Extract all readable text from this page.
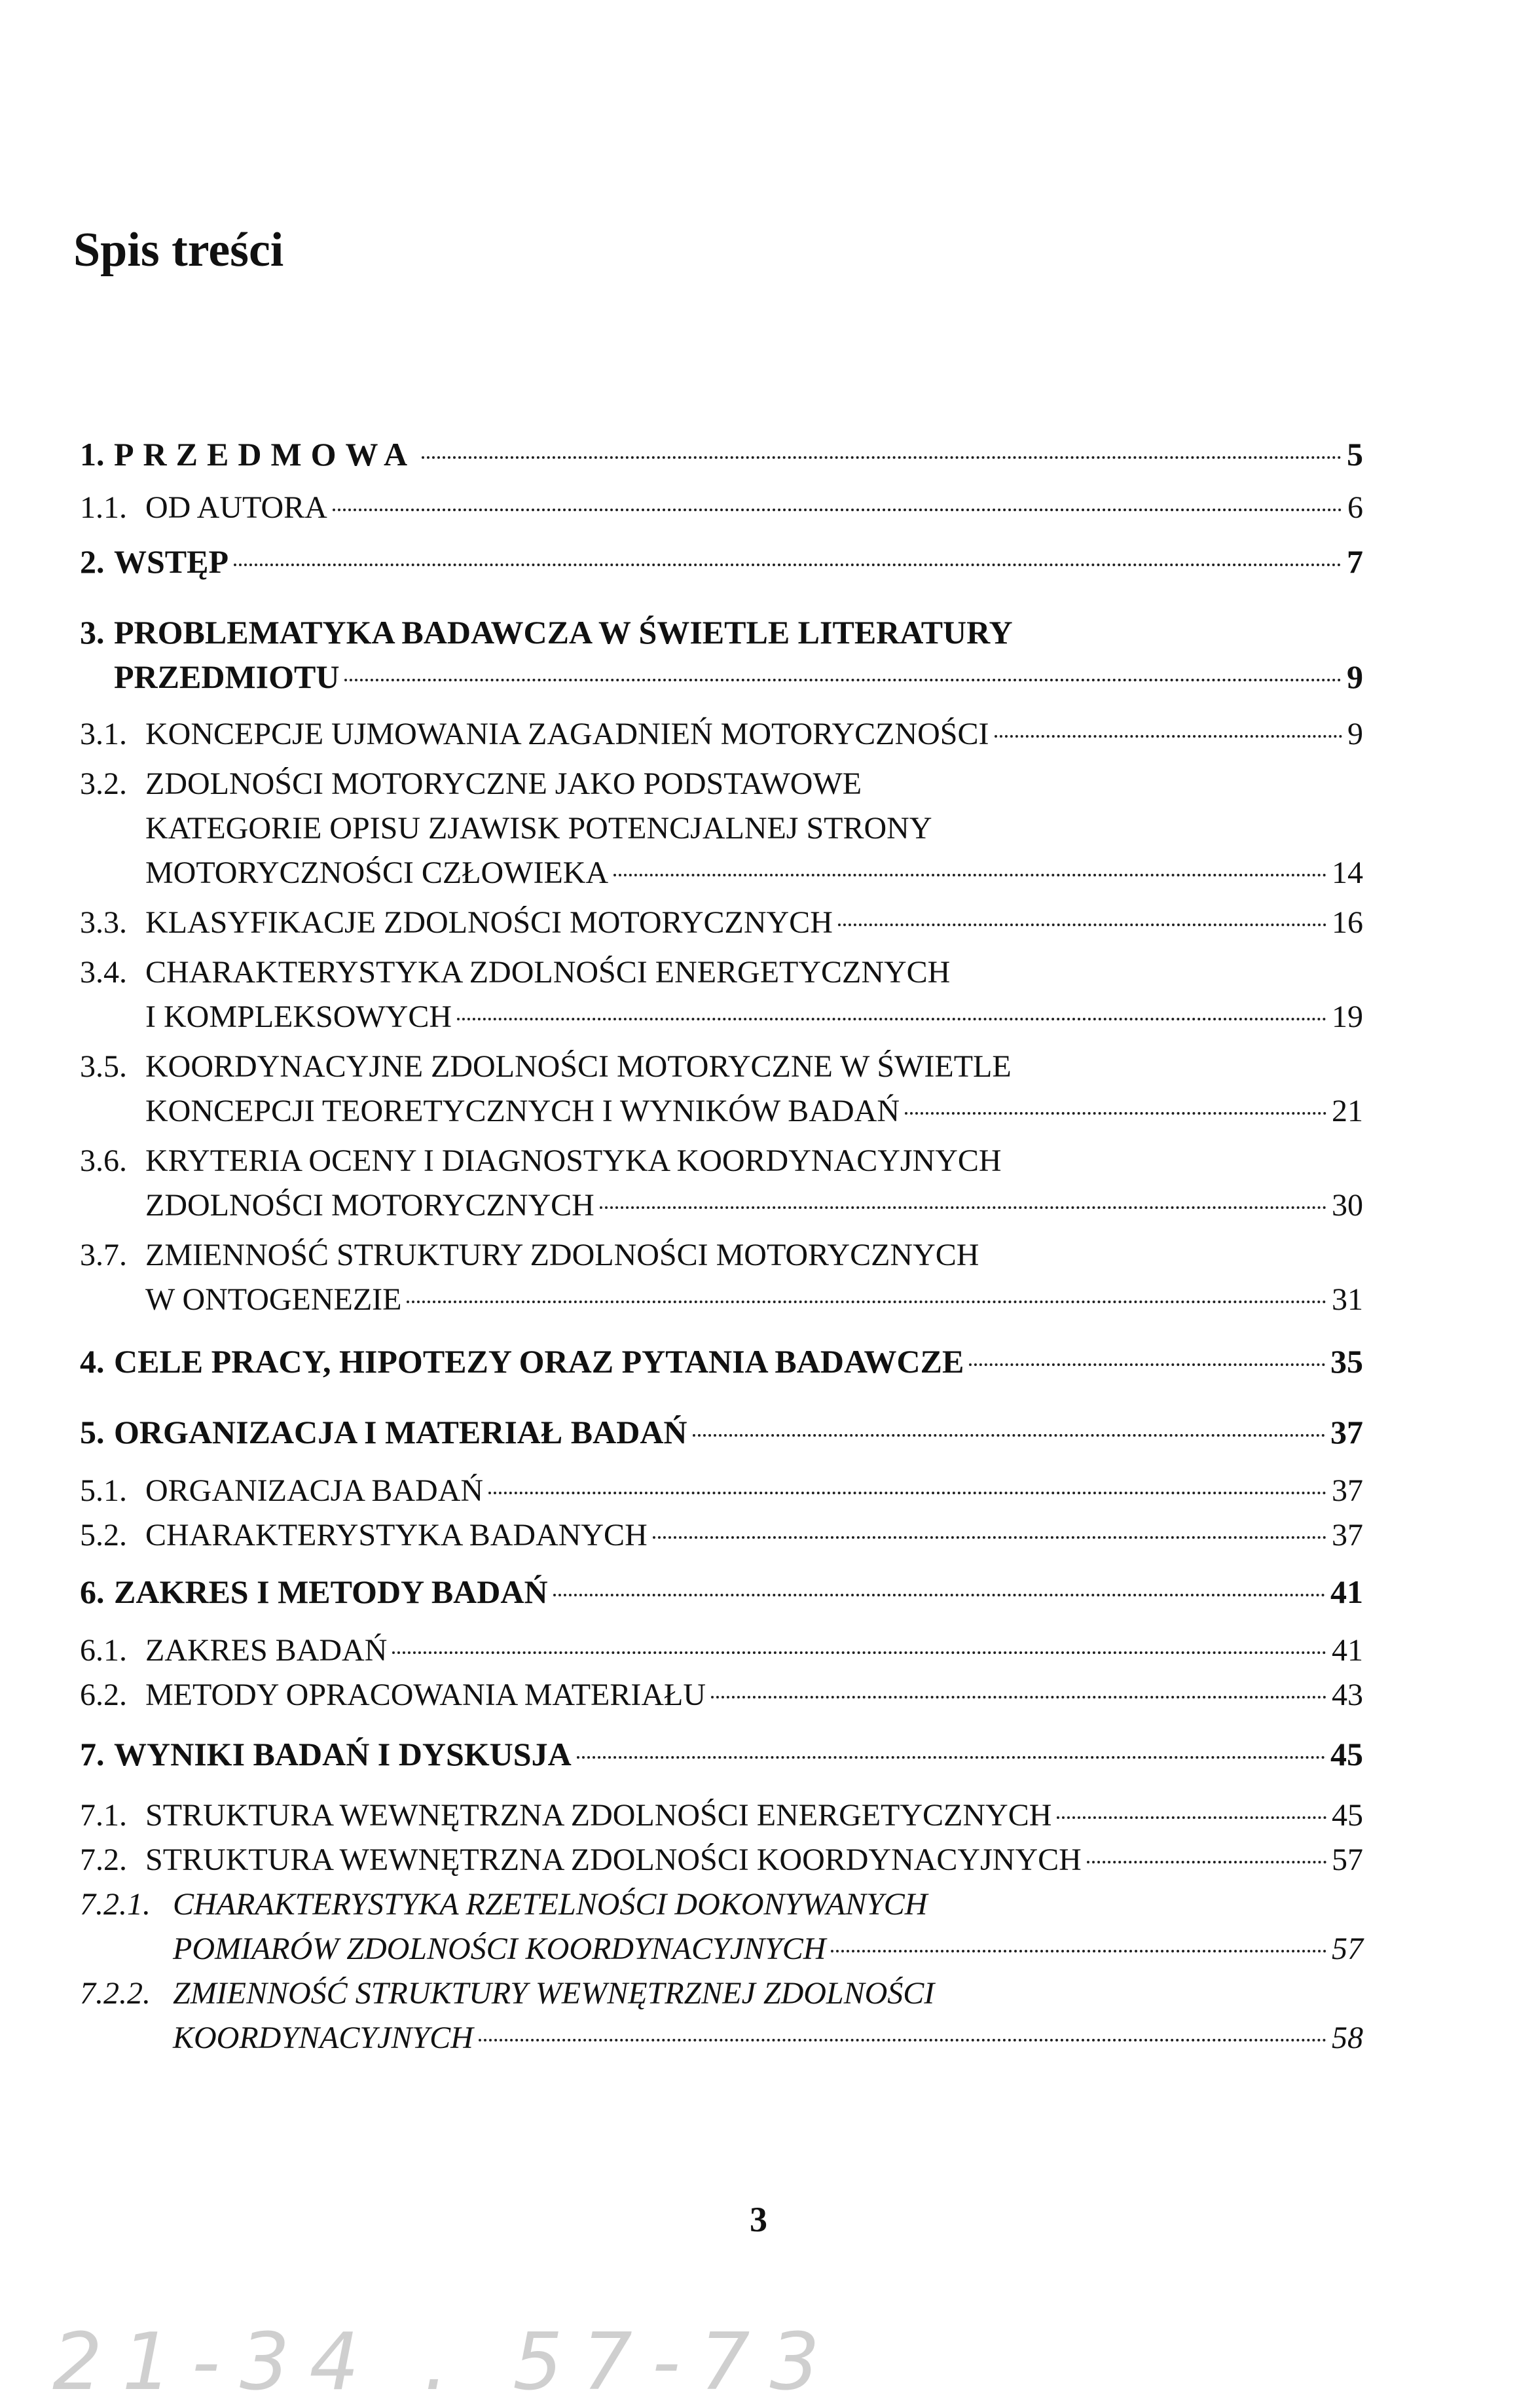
Spis treści
1. PRZEDMOWA	5
1.1. OD AUTORA	6
2. WSTĘP	7
3. PROBLEMATYKA BADAWCZA W ŚWIETLE LITERATURY
PRZEDMIOTU	9
3.1. KONCEPCJE UJMOWANIA ZAGADNIEŃ MOTORYCZNOŚCI	9
3.2. ZDOLNOŚCI MOTORYCZNE JAKO PODSTAWOWE
KATEGORIE OPISU ZJAWISK POTENCJALNEJ STRONY
MOTORYCZNOŚCI CZŁOWIEKA	14
3.3. KLASYFIKACJE ZDOLNOŚCI MOTORYCZNYCH	16
3.4. CHARAKTERYSTYKA ZDOLNOŚCI ENERGETYCZNYCH
I KOMPLEKSOWYCH	19
3.5. KOORDYNACYJNE ZDOLNOŚCI MOTORYCZNE W ŚWIETLE
KONCEPCJI TEORETYCZNYCH I WYNIKÓW BADAŃ	21
3.6. KRYTERIA OCENY I DIAGNOSTYKA KOORDYNACYJNYCH
ZDOLNOŚCI MOTORYCZNYCH	30
3.7. ZMIENNOŚĆ STRUKTURY ZDOLNOŚCI MOTORYCZNYCH
W ONTOGENEZIE	31
4. CELE PRACY, HIPOTEZY ORAZ PYTANIA BADAWCZE	35
5. ORGANIZACJA I MATERIAŁ BADAŃ	37
5.1. ORGANIZACJA BADAŃ	37
5.2. CHARAKTERYSTYKA BADANYCH	37
6. ZAKRES I METODY BADAŃ	41
6.1. ZAKRES BADAŃ	41
6.2. METODY OPRACOWANIA MATERIAŁU	43
7. WYNIKI BADAŃ I DYSKUSJA	45
7.1. STRUKTURA WEWNĘTRZNA ZDOLNOŚCI ENERGETYCZNYCH	45
7.2. STRUKTURA WEWNĘTRZNA ZDOLNOŚCI KOORDYNACYJNYCH	57
7.2.1. CHARAKTERYSTYKA RZETELNOŚCI DOKONYWANYCH
POMIARÓW ZDOLNOŚCI KOORDYNACYJNYCH	57
7.2.2. ZMIENNOŚĆ STRUKTURY WEWNĘTRZNEJ ZDOLNOŚCI
KOORDYNACYJNYCH	58
3
21-34 . 57-73
